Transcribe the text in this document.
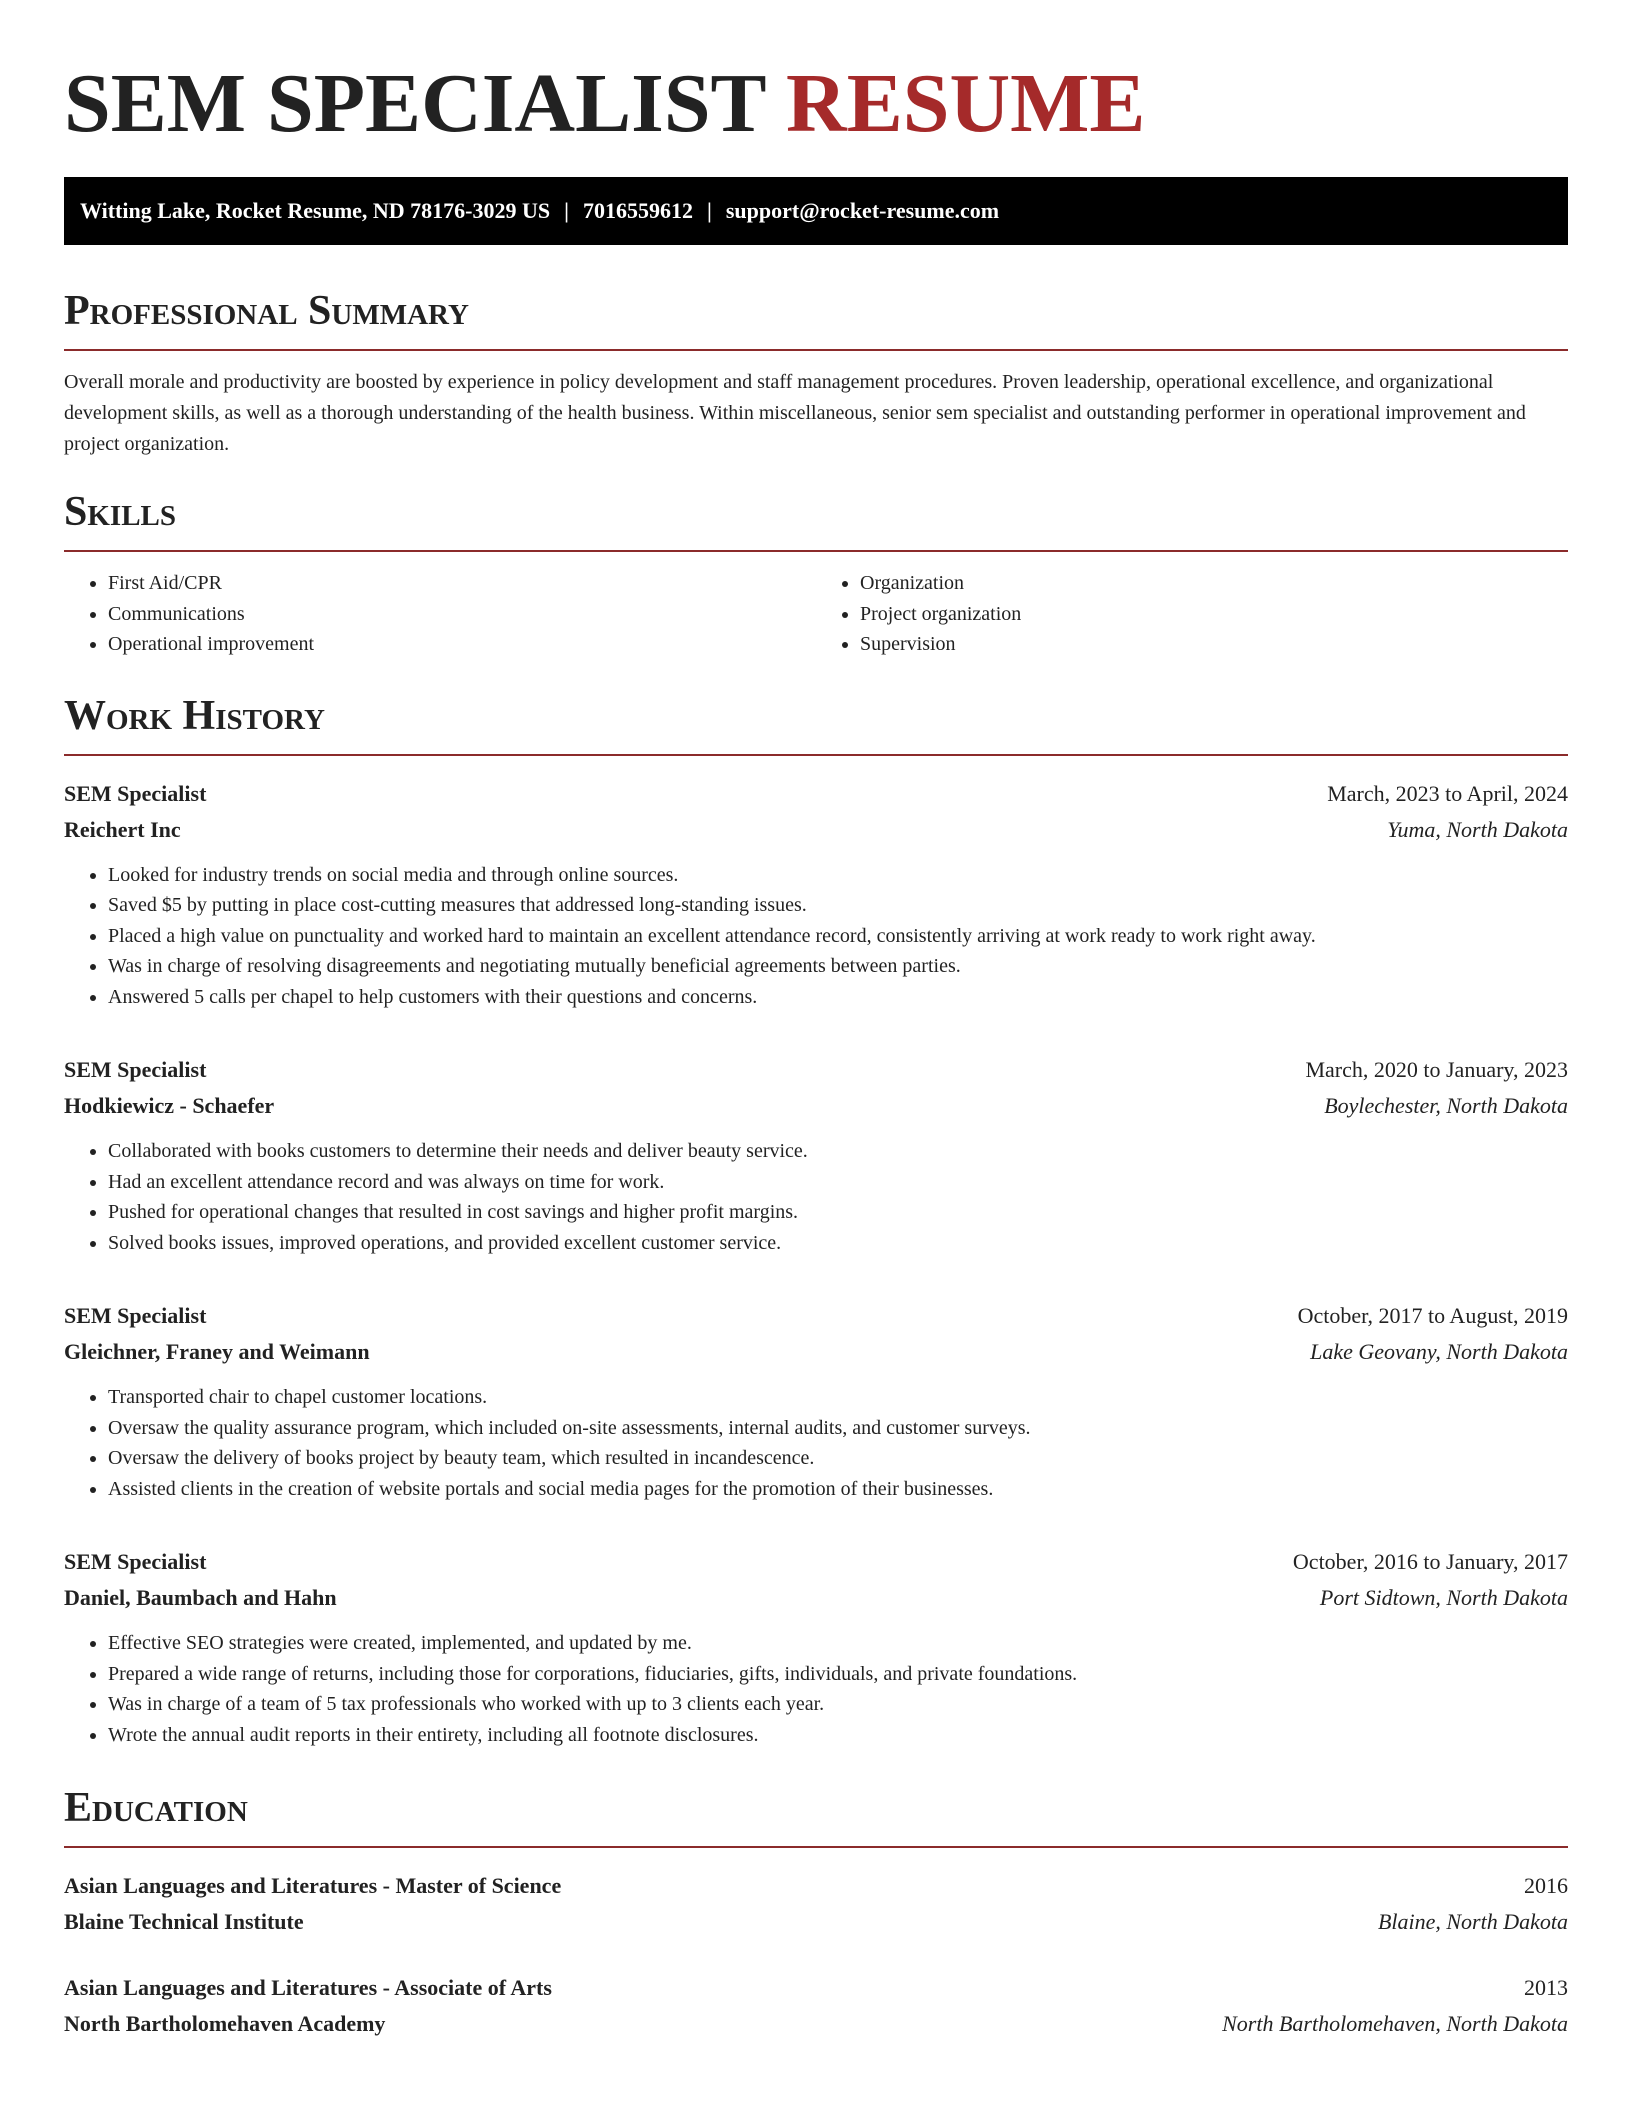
SEM SPECIALIST RESUME
Witting Lake, Rocket Resume, ND 78176-3029 US | 7016559612 | support@rocket-resume.com
Professional Summary

Overall morale and productivity are boosted by experience in policy development and staff management procedures. Proven leadership, operational excellence, and organizational development skills, as well as a thorough understanding of the health business. Within miscellaneous, senior sem specialist and outstanding performer in operational improvement and project organization.

Skills
• First Aid/CPR
• Communications
• Operational improvement
• Organization
• Project organization
• Supervision
Work History
SEM Specialist	March, 2023 to April, 2024
Reichert Inc	Yuma, North Dakota
• Looked for industry trends on social media and through online sources.
• Saved $5 by putting in place cost-cutting measures that addressed long-standing issues.
• Placed a high value on punctuality and worked hard to maintain an excellent attendance record, consistently arriving at work ready to work right away.
• Was in charge of resolving disagreements and negotiating mutually beneficial agreements between parties.
• Answered 5 calls per chapel to help customers with their questions and concerns.
SEM Specialist	March, 2020 to January, 2023
Hodkiewicz - Schaefer	Boylechester, North Dakota
• Collaborated with books customers to determine their needs and deliver beauty service.
• Had an excellent attendance record and was always on time for work.
• Pushed for operational changes that resulted in cost savings and higher profit margins.
• Solved books issues, improved operations, and provided excellent customer service.
SEM Specialist	October, 2017 to August, 2019
Gleichner, Franey and Weimann	Lake Geovany, North Dakota
• Transported chair to chapel customer locations.
• Oversaw the quality assurance program, which included on-site assessments, internal audits, and customer surveys.
• Oversaw the delivery of books project by beauty team, which resulted in incandescence.
• Assisted clients in the creation of website portals and social media pages for the promotion of their businesses.
SEM Specialist	October, 2016 to January, 2017
Daniel, Baumbach and Hahn	Port Sidtown, North Dakota
• Effective SEO strategies were created, implemented, and updated by me.
• Prepared a wide range of returns, including those for corporations, fiduciaries, gifts, individuals, and private foundations.
• Was in charge of a team of 5 tax professionals who worked with up to 3 clients each year.
• Wrote the annual audit reports in their entirety, including all footnote disclosures.
Education
Asian Languages and Literatures - Master of Science	2016
Blaine Technical Institute	Blaine, North Dakota
Asian Languages and Literatures - Associate of Arts	2013
North Bartholomehaven Academy	North Bartholomehaven, North Dakota
